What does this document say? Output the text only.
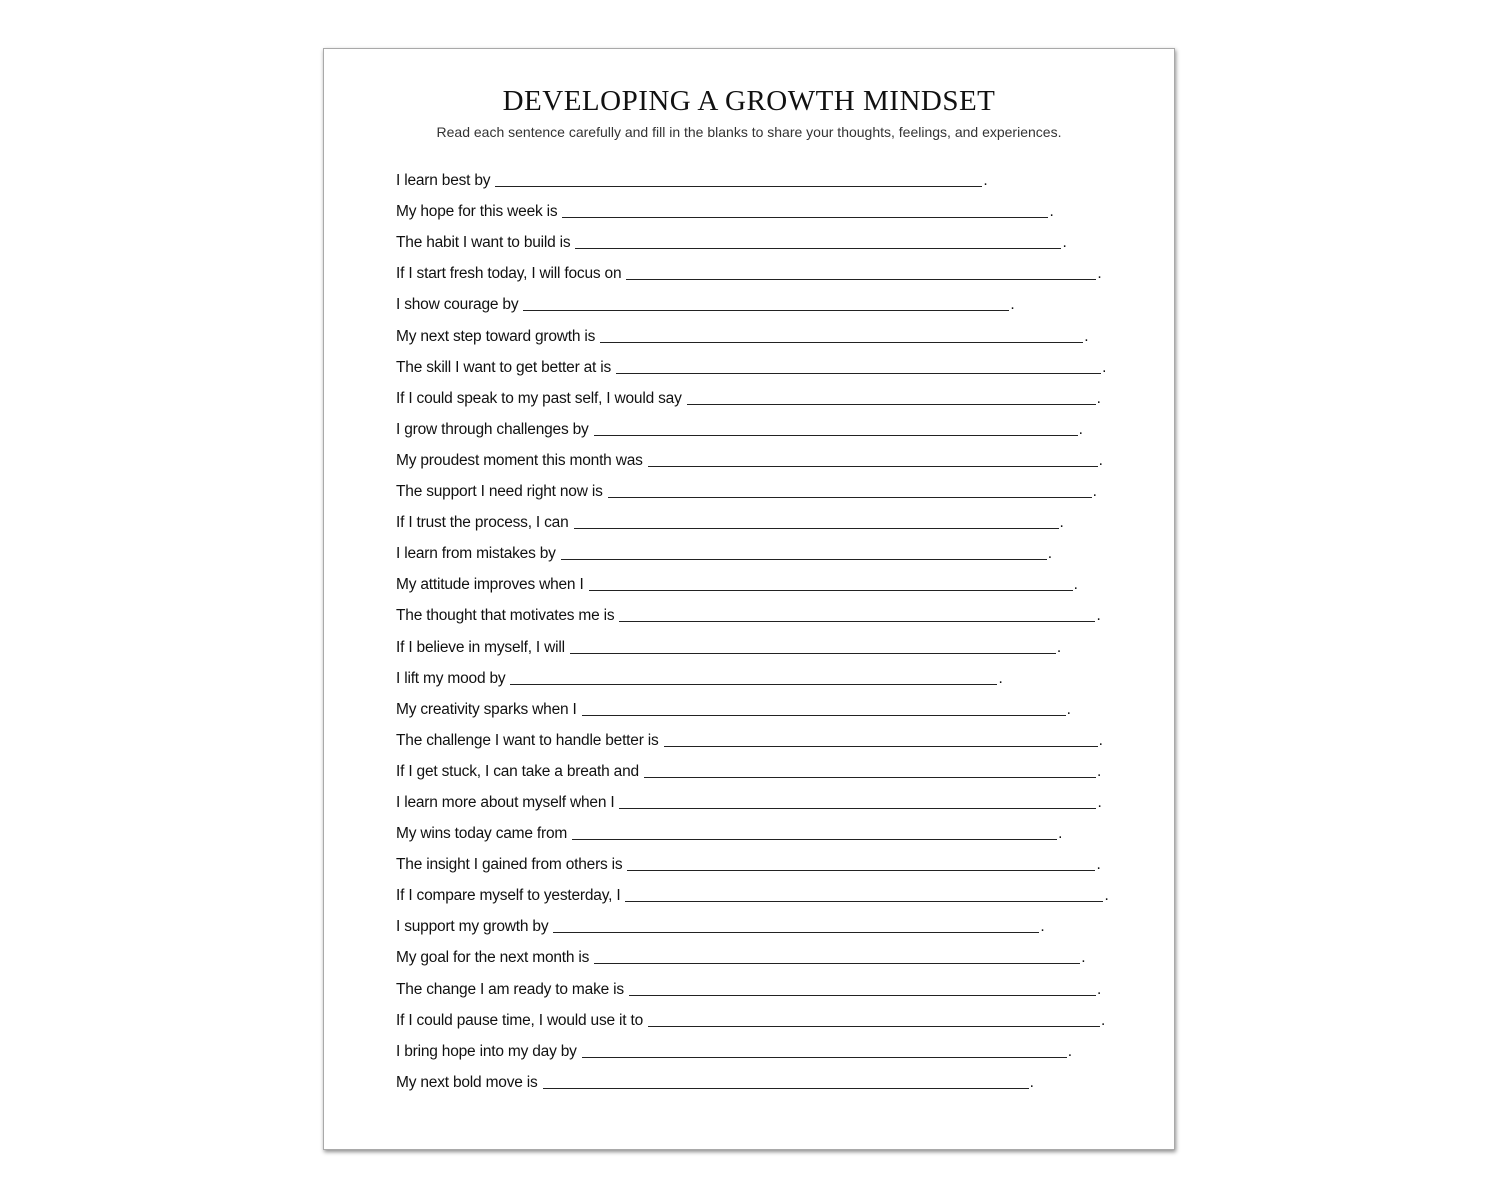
DEVELOPING A GROWTH MINDSET

Read each sentence carefully and fill in the blanks to share your thoughts, feelings, and experiences.

I learn best by	.
My hope for this week is	.
The habit I want to build is	.
If I start fresh today, I will focus on	.
I show courage by	.
My next step toward growth is	.
The skill I want to get better at is	.
If I could speak to my past self, I would say	.
I grow through challenges by	.
My proudest moment this month was	.
The support I need right now is	.
If I trust the process, I can	.
I learn from mistakes by	.
My attitude improves when I	.
The thought that motivates me is	.
If I believe in myself, I will	.
I lift my mood by	.
My creativity sparks when I	.
The challenge I want to handle better is	.
If I get stuck, I can take a breath and	.
I learn more about myself when I	.
My wins today came from	.
The insight I gained from others is	.
If I compare myself to yesterday, I	.
I support my growth by	.
My goal for the next month is	.
The change I am ready to make is	.
If I could pause time, I would use it to	.
I bring hope into my day by	.
My next bold move is	.
